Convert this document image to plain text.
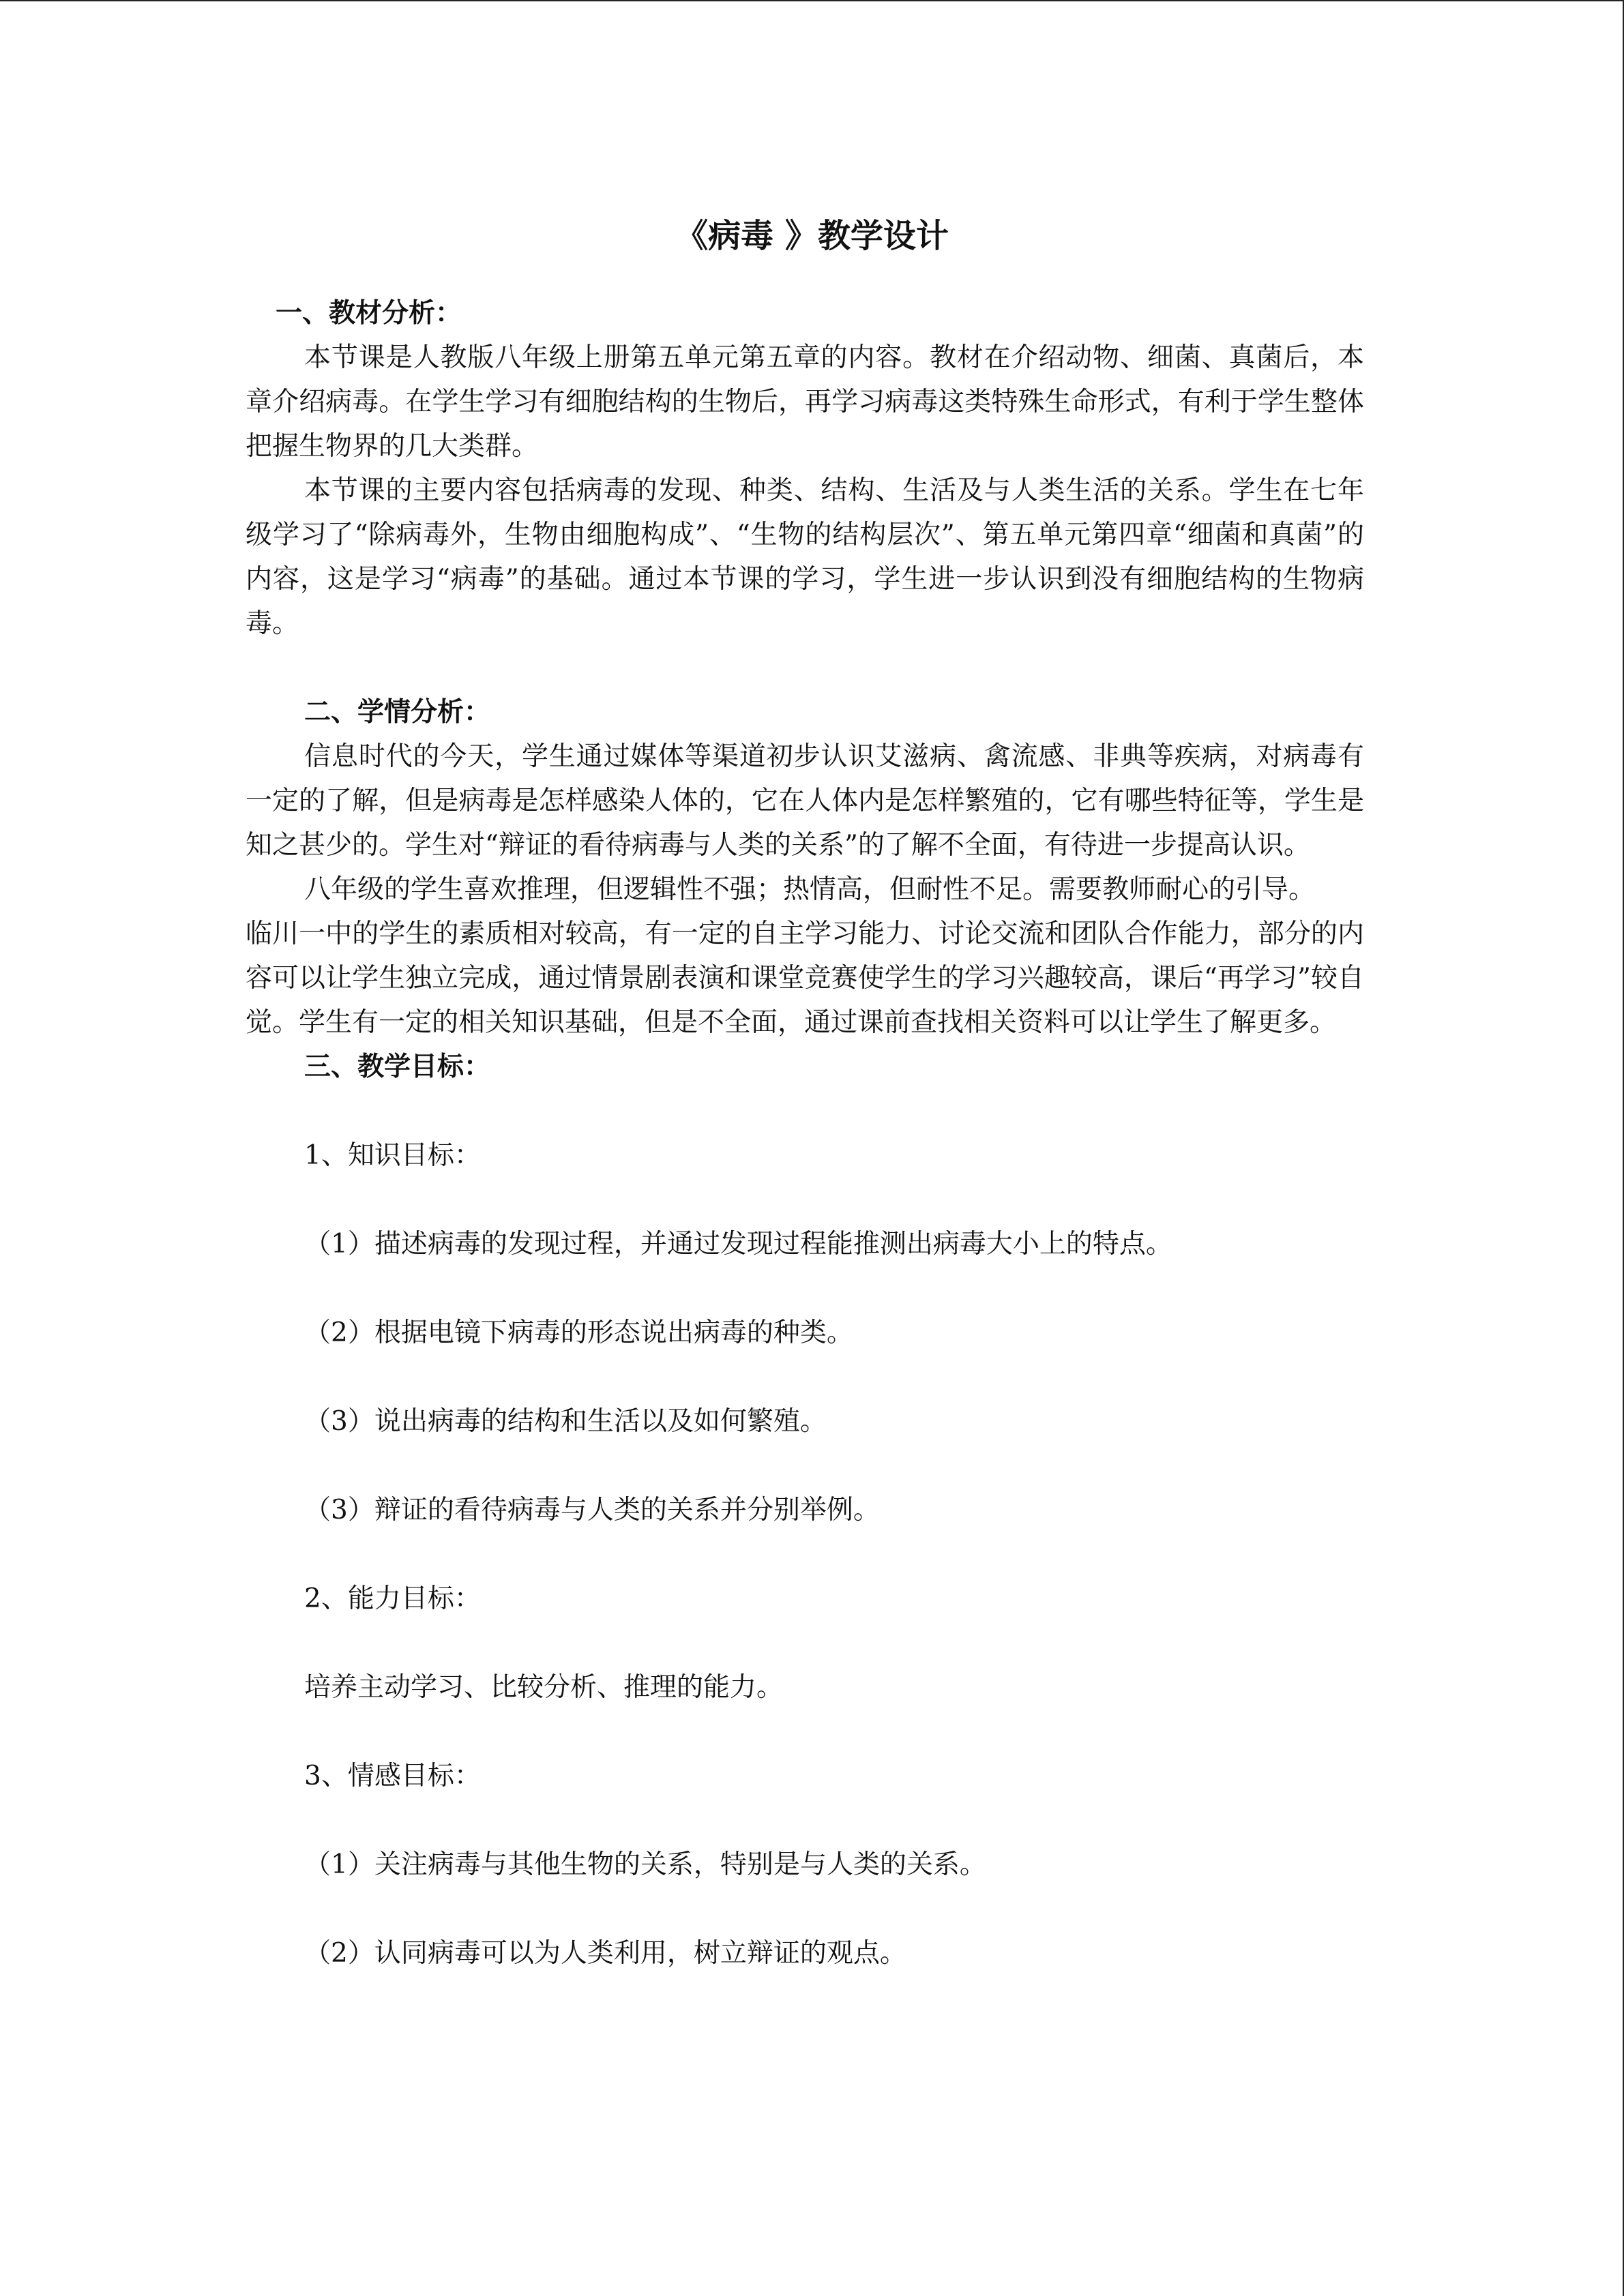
《病毒 》教学设计
一、教材分析：

本节课是人教版八年级上册第五单元第五章的内容。教材在介绍动物、细菌、真菌后，本章介绍病毒。在学生学习有细胞结构的生物后，再学习病毒这类特殊生命形式，有利于学生整体把握生物界的几大类群。

本节课的主要内容包括病毒的发现、种类、结构、生活及与人类生活的关系。学生在七年级学习了“除病毒外，生物由细胞构成”、“生物的结构层次”、第五单元第四章“细菌和真菌”的内容，这是学习“病毒”的基础。通过本节课的学习，学生进一步认识到没有细胞结构的生物病毒。

二、学情分析：

信息时代的今天，学生通过媒体等渠道初步认识艾滋病、禽流感、非典等疾病，对病毒有一定的了解，但是病毒是怎样感染人体的，它在人体内是怎样繁殖的，它有哪些特征等，学生是知之甚少的。学生对“辩证的看待病毒与人类的关系”的了解不全面，有待进一步提高认识。

八年级的学生喜欢推理，但逻辑性不强；热情高，但耐性不足。需要教师耐心的引导。

临川一中的学生的素质相对较高，有一定的自主学习能力、讨论交流和团队合作能力，部分的内容可以让学生独立完成，通过情景剧表演和课堂竞赛使学生的学习兴趣较高，课后“再学习”较自觉。学生有一定的相关知识基础，但是不全面，通过课前查找相关资料可以让学生了解更多。

三、教学目标：

1、知识目标：

（1）描述病毒的发现过程，并通过发现过程能推测出病毒大小上的特点。

（2）根据电镜下病毒的形态说出病毒的种类。

（3）说出病毒的结构和生活以及如何繁殖。

（3）辩证的看待病毒与人类的关系并分别举例。

2、能力目标：

培养主动学习、比较分析、推理的能力。

3、情感目标：

（1）关注病毒与其他生物的关系，特别是与人类的关系。

（2）认同病毒可以为人类利用，树立辩证的观点。
